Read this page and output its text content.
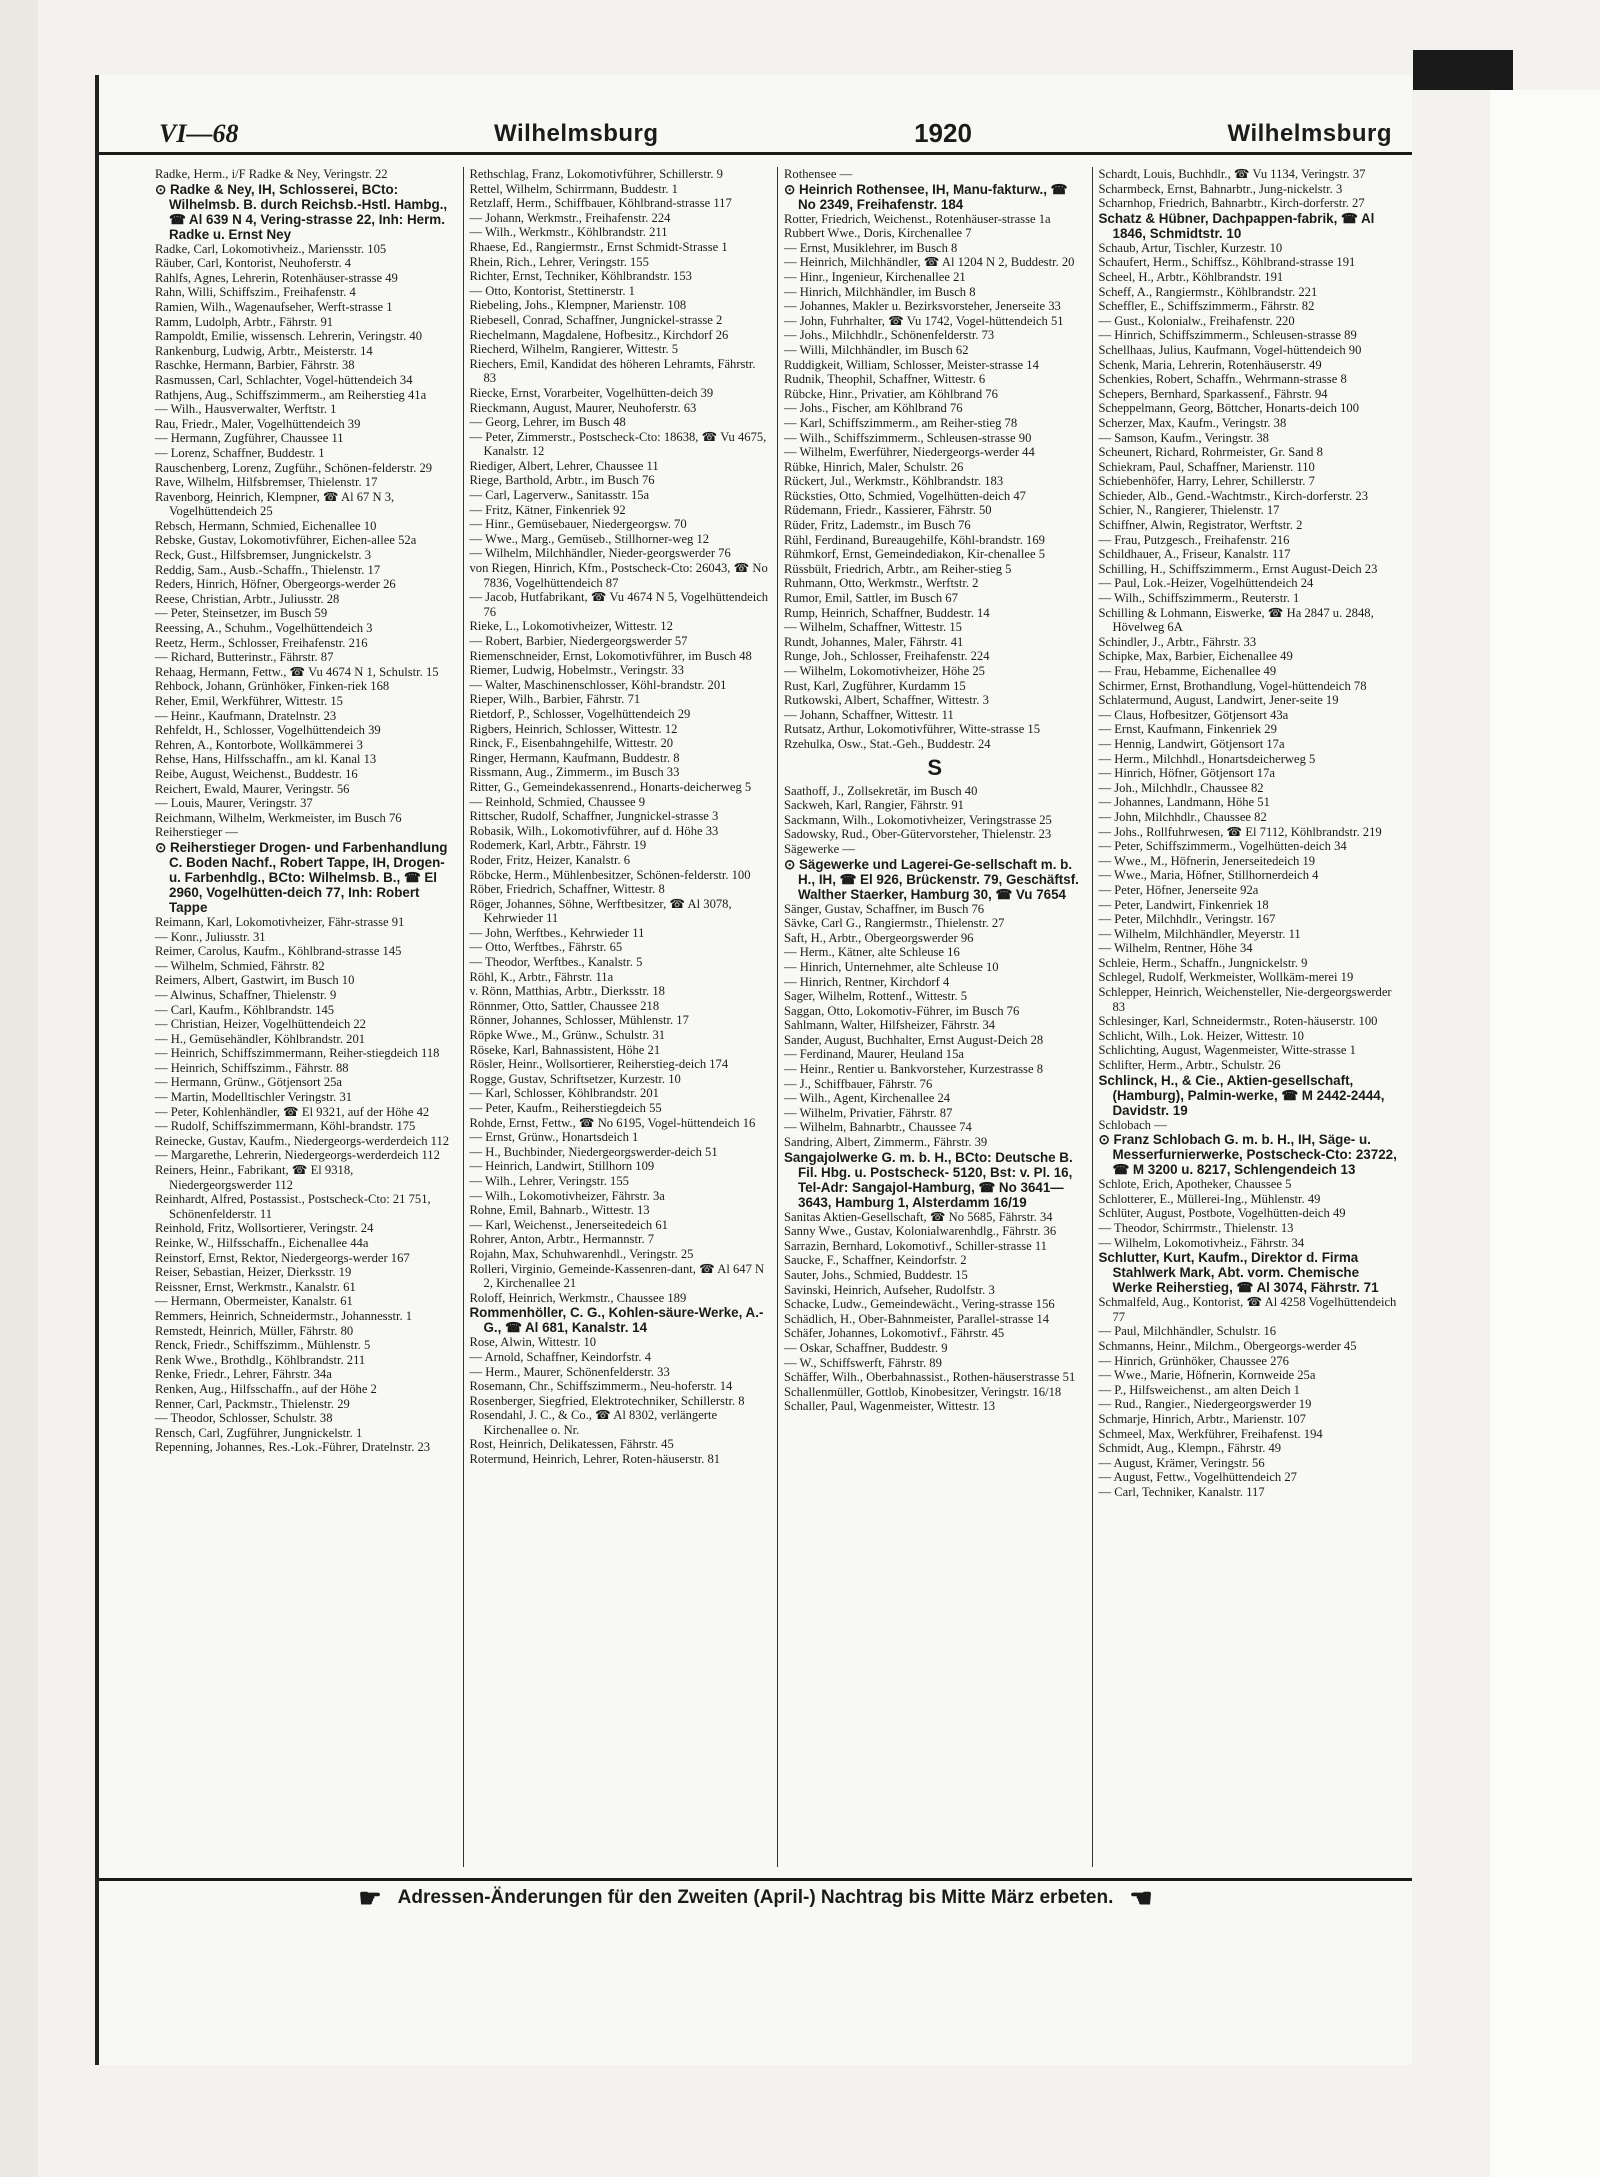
VI—68	Wilhelmsburg	1920	Wilhelmsburg

Radke, Herm., i/F Radke & Ney, Veringstr. 22

⊙ Radke & Ney, IH, Schlosserei, BCto: Wilhelmsb. B. durch Reichsb.-Hstl. Hambg., ☎ Al 639 N 4, Vering-strasse 22, Inh: Herm. Radke u. Ernst Ney

Radke, Carl, Lokomotivheiz., Mariensstr. 105

Räuber, Carl, Kontorist, Neuhoferstr. 4

Rahlfs, Agnes, Lehrerin, Rotenhäuser-strasse 49

Rahn, Willi, Schiffszim., Freihafenstr. 4

Ramien, Wilh., Wagenaufseher, Werft-strasse 1

Ramm, Ludolph, Arbtr., Fährstr. 91

Rampoldt, Emilie, wissensch. Lehrerin, Veringstr. 40

Rankenburg, Ludwig, Arbtr., Meisterstr. 14

Raschke, Hermann, Barbier, Fährstr. 38

Rasmussen, Carl, Schlachter, Vogel-hüttendeich 34

Rathjens, Aug., Schiffszimmerm., am Reiherstieg 41a

— Wilh., Hausverwalter, Werftstr. 1

Rau, Friedr., Maler, Vogelhüttendeich 39

— Hermann, Zugführer, Chaussee 11

— Lorenz, Schaffner, Buddestr. 1

Rauschenberg, Lorenz, Zugführ., Schönen-felderstr. 29

Rave, Wilhelm, Hilfsbremser, Thielenstr. 17

Ravenborg, Heinrich, Klempner, ☎ Al 67 N 3, Vogelhüttendeich 25

Rebsch, Hermann, Schmied, Eichenallee 10

Rebske, Gustav, Lokomotivführer, Eichen-allee 52a

Reck, Gust., Hilfsbremser, Jungnickelstr. 3

Reddig, Sam., Ausb.-Schaffn., Thielenstr. 17

Reders, Hinrich, Höfner, Obergeorgs-werder 26

Reese, Christian, Arbtr., Juliusstr. 28

— Peter, Steinsetzer, im Busch 59

Reessing, A., Schuhm., Vogelhüttendeich 3

Reetz, Herm., Schlosser, Freihafenstr. 216

— Richard, Butterinstr., Fährstr. 87

Rehaag, Hermann, Fettw., ☎ Vu 4674 N 1, Schulstr. 15

Rehbock, Johann, Grünhöker, Finken-riek 168

Reher, Emil, Werkführer, Wittestr. 15

— Heinr., Kaufmann, Dratelnstr. 23

Rehfeldt, H., Schlosser, Vogelhüttendeich 39

Rehren, A., Kontorbote, Wollkämmerei 3

Rehse, Hans, Hilfsschaffn., am kl. Kanal 13

Reibe, August, Weichenst., Buddestr. 16

Reichert, Ewald, Maurer, Veringstr. 56

— Louis, Maurer, Veringstr. 37

Reichmann, Wilhelm, Werkmeister, im Busch 76

Reiherstieger —

⊙ Reiherstieger Drogen- und Farbenhandlung C. Boden Nachf., Robert Tappe, IH, Drogen- u. Farbenhdlg., BCto: Wilhelmsb. B., ☎ El 2960, Vogelhütten-deich 77, Inh: Robert Tappe

Reimann, Karl, Lokomotivheizer, Fähr-strasse 91

— Konr., Juliusstr. 31

Reimer, Carolus, Kaufm., Köhlbrand-strasse 145

— Wilhelm, Schmied, Fährstr. 82

Reimers, Albert, Gastwirt, im Busch 10

— Alwinus, Schaffner, Thielenstr. 9

— Carl, Kaufm., Köhlbrandstr. 145

— Christian, Heizer, Vogelhüttendeich 22

— H., Gemüsehändler, Köhlbrandstr. 201

— Heinrich, Schiffszimmermann, Reiher-stiegdeich 118

— Heinrich, Schiffszimm., Fährstr. 88

— Hermann, Grünw., Götjensort 25a

— Martin, Modelltischler Veringstr. 31

— Peter, Kohlenhändler, ☎ El 9321, auf der Höhe 42

— Rudolf, Schiffszimmermann, Köhl-brandstr. 175

Reinecke, Gustav, Kaufm., Niedergeorgs-werderdeich 112

— Margarethe, Lehrerin, Niedergeorgs-werderdeich 112

Reiners, Heinr., Fabrikant, ☎ El 9318, Niedergeorgswerder 112

Reinhardt, Alfred, Postassist., Postscheck-Cto: 21 751, Schönenfelderstr. 11

Reinhold, Fritz, Wollsortierer, Veringstr. 24

Reinke, W., Hilfsschaffn., Eichenallee 44a

Reinstorf, Ernst, Rektor, Niedergeorgs-werder 167

Reiser, Sebastian, Heizer, Dierksstr. 19

Reissner, Ernst, Werkmstr., Kanalstr. 61

— Hermann, Obermeister, Kanalstr. 61

Remmers, Heinrich, Schneidermstr., Johannesstr. 1

Remstedt, Heinrich, Müller, Fährstr. 80

Renck, Friedr., Schiffszimm., Mühlenstr. 5

Renk Wwe., Brothdlg., Köhlbrandstr. 211

Renke, Friedr., Lehrer, Fährstr. 34a

Renken, Aug., Hilfsschaffn., auf der Höhe 2

Renner, Carl, Packmstr., Thielenstr. 29

— Theodor, Schlosser, Schulstr. 38

Rensch, Carl, Zugführer, Jungnickelstr. 1

Repenning, Johannes, Res.-Lok.-Führer, Dratelnstr. 23

Rethschlag, Franz, Lokomotivführer, Schillerstr. 9

Rettel, Wilhelm, Schirrmann, Buddestr. 1

Retzlaff, Herm., Schiffbauer, Köhlbrand-strasse 117

— Johann, Werkmstr., Freihafenstr. 224

— Wilh., Werkmstr., Köhlbrandstr. 211

Rhaese, Ed., Rangiermstr., Ernst Schmidt-Strasse 1

Rhein, Rich., Lehrer, Veringstr. 155

Richter, Ernst, Techniker, Köhlbrandstr. 153

— Otto, Kontorist, Stettinerstr. 1

Riebeling, Johs., Klempner, Marienstr. 108

Riebesell, Conrad, Schaffner, Jungnickel-strasse 2

Riechelmann, Magdalene, Hofbesitz., Kirchdorf 26

Riecherd, Wilhelm, Rangierer, Wittestr. 5

Riechers, Emil, Kandidat des höheren Lehramts, Fährstr. 83

Riecke, Ernst, Vorarbeiter, Vogelhütten-deich 39

Rieckmann, August, Maurer, Neuhoferstr. 63

— Georg, Lehrer, im Busch 48

— Peter, Zimmerstr., Postscheck-Cto: 18638, ☎ Vu 4675, Kanalstr. 12

Riediger, Albert, Lehrer, Chaussee 11

Riege, Barthold, Arbtr., im Busch 76

— Carl, Lagerverw., Sanitasstr. 15a

— Fritz, Kätner, Finkenriek 92

— Hinr., Gemüsebauer, Niedergeorgsw. 70

— Wwe., Marg., Gemüseb., Stillhorner-weg 12

— Wilhelm, Milchhändler, Nieder-georgswerder 76

von Riegen, Hinrich, Kfm., Postscheck-Cto: 26043, ☎ No 7836, Vogelhüttendeich 87

— Jacob, Hutfabrikant, ☎ Vu 4674 N 5, Vogelhüttendeich 76

Rieke, L., Lokomotivheizer, Wittestr. 12

— Robert, Barbier, Niedergeorgswerder 57

Riemenschneider, Ernst, Lokomotivführer, im Busch 48

Riemer, Ludwig, Hobelmstr., Veringstr. 33

— Walter, Maschinenschlosser, Köhl-brandstr. 201

Rieper, Wilh., Barbier, Fährstr. 71

Rietdorf, P., Schlosser, Vogelhüttendeich 29

Rigbers, Heinrich, Schlosser, Wittestr. 12

Rinck, F., Eisenbahngehilfe, Wittestr. 20

Ringer, Hermann, Kaufmann, Buddestr. 8

Rissmann, Aug., Zimmerm., im Busch 33

Ritter, G., Gemeindekassenrend., Honarts-deicherweg 5

— Reinhold, Schmied, Chaussee 9

Rittscher, Rudolf, Schaffner, Jungnickel-strasse 3

Robasik, Wilh., Lokomotivführer, auf d. Höhe 33

Rodemerk, Karl, Arbtr., Fährstr. 19

Roder, Fritz, Heizer, Kanalstr. 6

Röbcke, Herm., Mühlenbesitzer, Schönen-felderstr. 100

Röber, Friedrich, Schaffner, Wittestr. 8

Röger, Johannes, Söhne, Werftbesitzer, ☎ Al 3078, Kehrwieder 11

— John, Werftbes., Kehrwieder 11

— Otto, Werftbes., Fährstr. 65

— Theodor, Werftbes., Kanalstr. 5

Röhl, K., Arbtr., Fährstr. 11a

v. Rönn, Matthias, Arbtr., Dierksstr. 18

Rönnmer, Otto, Sattler, Chaussee 218

Rönner, Johannes, Schlosser, Mühlenstr. 17

Röpke Wwe., M., Grünw., Schulstr. 31

Röseke, Karl, Bahnassistent, Höhe 21

Rösler, Heinr., Wollsortierer, Reiherstieg-deich 174

Rogge, Gustav, Schriftsetzer, Kurzestr. 10

— Karl, Schlosser, Köhlbrandstr. 201

— Peter, Kaufm., Reiherstiegdeich 55

Rohde, Ernst, Fettw., ☎ No 6195, Vogel-hüttendeich 16

— Ernst, Grünw., Honartsdeich 1

— H., Buchbinder, Niedergeorgswerder-deich 51

— Heinrich, Landwirt, Stillhorn 109

— Wilh., Lehrer, Veringstr. 155

— Wilh., Lokomotivheizer, Fährstr. 3a

Rohne, Emil, Bahnarb., Wittestr. 13

— Karl, Weichenst., Jenerseitedeich 61

Rohrer, Anton, Arbtr., Hermannstr. 7

Rojahn, Max, Schuhwarenhdl., Veringstr. 25

Rolleri, Virginio, Gemeinde-Kassenren-dant, ☎ Al 647 N 2, Kirchenallee 21

Roloff, Heinrich, Werkmstr., Chaussee 189

Rommenhöller, C. G., Kohlen-säure-Werke, A.-G., ☎ Al 681, Kanalstr. 14

Rose, Alwin, Wittestr. 10

— Arnold, Schaffner, Keindorfstr. 4

— Herm., Maurer, Schönenfelderstr. 33

Rosemann, Chr., Schiffszimmerm., Neu-hoferstr. 14

Rosenberger, Siegfried, Elektrotechniker, Schillerstr. 8

Rosendahl, J. C., & Co., ☎ Al 8302, verlängerte Kirchenallee o. Nr.

Rost, Heinrich, Delikatessen, Fährstr. 45

Rotermund, Heinrich, Lehrer, Roten-häuserstr. 81

Rothensee —

⊙ Heinrich Rothensee, IH, Manu-fakturw., ☎ No 2349, Freihafenstr. 184

Rotter, Friedrich, Weichenst., Rotenhäuser-strasse 1a

Rubbert Wwe., Doris, Kirchenallee 7

— Ernst, Musiklehrer, im Busch 8

— Heinrich, Milchhändler, ☎ Al 1204 N 2, Buddestr. 20

— Hinr., Ingenieur, Kirchenallee 21

— Hinrich, Milchhändler, im Busch 8

— Johannes, Makler u. Bezirksvorsteher, Jenerseite 33

— John, Fuhrhalter, ☎ Vu 1742, Vogel-hüttendeich 51

— Johs., Milchhdlr., Schönenfelderstr. 73

— Willi, Milchhändler, im Busch 62

Ruddigkeit, William, Schlosser, Meister-strasse 14

Rudnik, Theophil, Schaffner, Wittestr. 6

Rübcke, Hinr., Privatier, am Köhlbrand 76

— Johs., Fischer, am Köhlbrand 76

— Karl, Schiffszimmerm., am Reiher-stieg 78

— Wilh., Schiffszimmerm., Schleusen-strasse 90

— Wilhelm, Ewerführer, Niedergeorgs-werder 44

Rübke, Hinrich, Maler, Schulstr. 26

Rückert, Jul., Werkmstr., Köhlbrandstr. 183

Rücksties, Otto, Schmied, Vogelhütten-deich 47

Rüdemann, Friedr., Kassierer, Fährstr. 50

Rüder, Fritz, Lademstr., im Busch 76

Rühl, Ferdinand, Bureaugehilfe, Köhl-brandstr. 169

Rühmkorf, Ernst, Gemeindediakon, Kir-chenallee 5

Rüssbült, Friedrich, Arbtr., am Reiher-stieg 5

Ruhmann, Otto, Werkmstr., Werftstr. 2

Rumor, Emil, Sattler, im Busch 67

Rump, Heinrich, Schaffner, Buddestr. 14

— Wilhelm, Schaffner, Wittestr. 15

Rundt, Johannes, Maler, Fährstr. 41

Runge, Joh., Schlosser, Freihafenstr. 224

— Wilhelm, Lokomotivheizer, Höhe 25

Rust, Karl, Zugführer, Kurdamm 15

Rutkowski, Albert, Schaffner, Wittestr. 3

— Johann, Schaffner, Wittestr. 11

Rutsatz, Arthur, Lokomotivführer, Witte-strasse 15

Rzehulka, Osw., Stat.-Geh., Buddestr. 24

S

Saathoff, J., Zollsekretär, im Busch 40

Sackweh, Karl, Rangier, Fährstr. 91

Sackmann, Wilh., Lokomotivheizer, Veringstrasse 25

Sadowsky, Rud., Ober-Gütervorsteher, Thielenstr. 23

Sägewerke —

⊙ Sägewerke und Lagerei-Ge-sellschaft m. b. H., IH, ☎ El 926, Brückenstr. 79, Geschäftsf. Walther Staerker, Hamburg 30, ☎ Vu 7654

Sänger, Gustav, Schaffner, im Busch 76

Sävke, Carl G., Rangiermstr., Thielenstr. 27

Saft, H., Arbtr., Obergeorgswerder 96

— Herm., Kätner, alte Schleuse 16

— Hinrich, Unternehmer, alte Schleuse 10

— Hinrich, Rentner, Kirchdorf 4

Sager, Wilhelm, Rottenf., Wittestr. 5

Saggan, Otto, Lokomotiv-Führer, im Busch 76

Sahlmann, Walter, Hilfsheizer, Fährstr. 34

Sander, August, Buchhalter, Ernst August-Deich 28

— Ferdinand, Maurer, Heuland 15a

— Heinr., Rentier u. Bankvorsteher, Kurzestrasse 8

— J., Schiffbauer, Fährstr. 76

— Wilh., Agent, Kirchenallee 24

— Wilhelm, Privatier, Fährstr. 87

— Wilhelm, Bahnarbtr., Chaussee 74

Sandring, Albert, Zimmerm., Fährstr. 39

Sangajolwerke G. m. b. H., BCto: Deutsche B. Fil. Hbg. u. Postscheck- 5120, Bst: v. Pl. 16, Tel-Adr: Sangajol-Hamburg, ☎ No 3641—3643, Hamburg 1, Alsterdamm 16/19

Sanitas Aktien-Gesellschaft, ☎ No 5685, Fährstr. 34

Sanny Wwe., Gustav, Kolonialwarenhdlg., Fährstr. 36

Sarrazin, Bernhard, Lokomotivf., Schiller-strasse 11

Saucke, F., Schaffner, Keindorfstr. 2

Sauter, Johs., Schmied, Buddestr. 15

Savinski, Heinrich, Aufseher, Rudolfstr. 3

Schacke, Ludw., Gemeindewächt., Vering-strasse 156

Schädlich, H., Ober-Bahnmeister, Parallel-strasse 14

Schäfer, Johannes, Lokomotivf., Fährstr. 45

— Oskar, Schaffner, Buddestr. 9

— W., Schiffswerft, Fährstr. 89

Schäffer, Wilh., Oberbahnassist., Rothen-häuserstrasse 51

Schallenmüller, Gottlob, Kinobesitzer, Veringstr. 16/18

Schaller, Paul, Wagenmeister, Wittestr. 13

Schardt, Louis, Buchhdlr., ☎ Vu 1134, Veringstr. 37

Scharmbeck, Ernst, Bahnarbtr., Jung-nickelstr. 3

Scharnhop, Friedrich, Bahnarbtr., Kirch-dorferstr. 27

Schatz & Hübner, Dachpappen-fabrik, ☎ Al 1846, Schmidtstr. 10

Schaub, Artur, Tischler, Kurzestr. 10

Schaufert, Herm., Schiffsz., Köhlbrand-strasse 191

Scheel, H., Arbtr., Köhlbrandstr. 191

Scheff, A., Rangiermstr., Köhlbrandstr. 221

Scheffler, E., Schiffszimmerm., Fährstr. 82

— Gust., Kolonialw., Freihafenstr. 220

— Hinrich, Schiffszimmerm., Schleusen-strasse 89

Schellhaas, Julius, Kaufmann, Vogel-hüttendeich 90

Schenk, Maria, Lehrerin, Rotenhäuserstr. 49

Schenkies, Robert, Schaffn., Wehrmann-strasse 8

Schepers, Bernhard, Sparkassenf., Fährstr. 94

Scheppelmann, Georg, Böttcher, Honarts-deich 100

Scherzer, Max, Kaufm., Veringstr. 38

— Samson, Kaufm., Veringstr. 38

Scheunert, Richard, Rohrmeister, Gr. Sand 8

Schiekram, Paul, Schaffner, Marienstr. 110

Schiebenhöfer, Harry, Lehrer, Schillerstr. 7

Schieder, Alb., Gend.-Wachtmstr., Kirch-dorferstr. 23

Schier, N., Rangierer, Thielenstr. 17

Schiffner, Alwin, Registrator, Werftstr. 2

— Frau, Putzgesch., Freihafenstr. 216

Schildhauer, A., Friseur, Kanalstr. 117

Schilling, H., Schiffszimmerm., Ernst August-Deich 23

— Paul, Lok.-Heizer, Vogelhüttendeich 24

— Wilh., Schiffszimmerm., Reuterstr. 1

Schilling & Lohmann, Eiswerke, ☎ Ha 2847 u. 2848, Hövelweg 6A

Schindler, J., Arbtr., Fährstr. 33

Schipke, Max, Barbier, Eichenallee 49

— Frau, Hebamme, Eichenallee 49

Schirmer, Ernst, Brothandlung, Vogel-hüttendeich 78

Schlatermund, August, Landwirt, Jener-seite 19

— Claus, Hofbesitzer, Götjensort 43a

— Ernst, Kaufmann, Finkenriek 29

— Hennig, Landwirt, Götjensort 17a

— Herm., Milchhdl., Honartsdeicherweg 5

— Hinrich, Höfner, Götjensort 17a

— Joh., Milchhdlr., Chaussee 82

— Johannes, Landmann, Höhe 51

— John, Milchhdlr., Chaussee 82

— Johs., Rollfuhrwesen, ☎ El 7112, Köhlbrandstr. 219

— Peter, Schiffszimmerm., Vogelhütten-deich 34

— Wwe., M., Höfnerin, Jenerseitedeich 19

— Wwe., Maria, Höfner, Stillhornerdeich 4

— Peter, Höfner, Jenerseite 92a

— Peter, Landwirt, Finkenriek 18

— Peter, Milchhdlr., Veringstr. 167

— Wilhelm, Milchhändler, Meyerstr. 11

— Wilhelm, Rentner, Höhe 34

Schleie, Herm., Schaffn., Jungnickelstr. 9

Schlegel, Rudolf, Werkmeister, Wollkäm-merei 19

Schlepper, Heinrich, Weichensteller, Nie-dergeorgswerder 83

Schlesinger, Karl, Schneidermstr., Roten-häuserstr. 100

Schlicht, Wilh., Lok. Heizer, Wittestr. 10

Schlichting, August, Wagenmeister, Witte-strasse 1

Schlifter, Herm., Arbtr., Schulstr. 26

Schlinck, H., & Cie., Aktien-gesellschaft, (Hamburg), Palmin-werke, ☎ M 2442-2444, Davidstr. 19

Schlobach —

⊙ Franz Schlobach G. m. b. H., IH, Säge- u. Messerfurnierwerke, Postscheck-Cto: 23722, ☎ M 3200 u. 8217, Schlengendeich 13

Schlote, Erich, Apotheker, Chaussee 5

Schlotterer, E., Müllerei-Ing., Mühlenstr. 49

Schlüter, August, Postbote, Vogelhütten-deich 49

— Theodor, Schirrmstr., Thielenstr. 13

— Wilhelm, Lokomotivheiz., Fährstr. 34

Schlutter, Kurt, Kaufm., Direktor d. Firma Stahlwerk Mark, Abt. vorm. Chemische Werke Reiherstieg, ☎ Al 3074, Fährstr. 71

Schmalfeld, Aug., Kontorist, ☎ Al 4258 Vogelhüttendeich 77

— Paul, Milchhändler, Schulstr. 16

Schmanns, Heinr., Milchm., Obergeorgs-werder 45

— Hinrich, Grünhöker, Chaussee 276

— Wwe., Marie, Höfnerin, Kornweide 25a

— P., Hilfsweichenst., am alten Deich 1

— Rud., Rangier., Niedergeorgswerder 19

Schmarje, Hinrich, Arbtr., Marienstr. 107

Schmeel, Max, Werkführer, Freihafenst. 194

Schmidt, Aug., Klempn., Fährstr. 49

— August, Krämer, Veringstr. 56

— August, Fettw., Vogelhüttendeich 27

— Carl, Techniker, Kanalstr. 117

☛ Adressen-Änderungen für den Zweiten (April-) Nachtrag bis Mitte März erbeten. ☚
